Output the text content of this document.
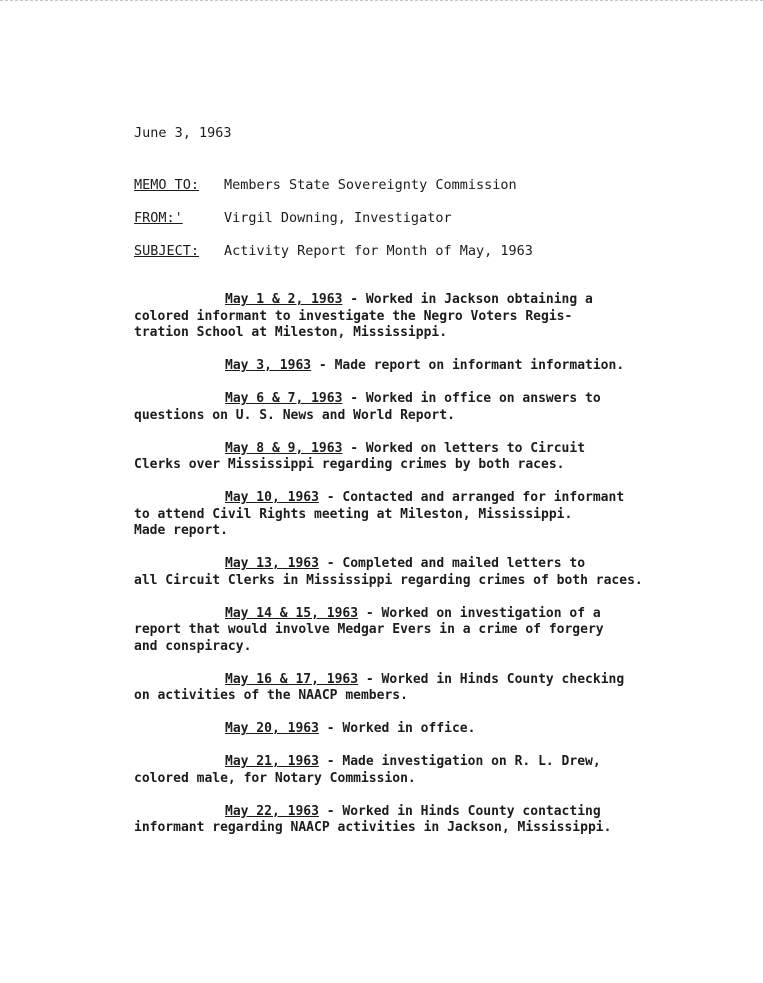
June 3, 1963
MEMO TO: Members State Sovereignty Commission
FROM:'	Virgil Downing, Investigator
SUBJECT: Activity Report for Month of May, 1963
May 1 & 2, 1963 - Worked in Jackson obtaining a
colored informant to investigate the Negro Voters Regis-
tration School at Mileston, Mississippi.
May 3, 1963 - Made report on informant information.
May 6 & 7, 1963 - Worked in office on answers to
questions on U. S. News and World Report.
May 8 & 9, 1963 - Worked on letters to Circuit
Clerks over Mississippi regarding crimes by both races.
May 10, 1963 - Contacted and arranged for informant
to attend Civil Rights meeting at Mileston, Mississippi.
Made report.
May 13, 1963 - Completed and mailed letters to
all Circuit Clerks in Mississippi regarding crimes of both races.
May 14 & 15, 1963 - Worked on investigation of a
report that would involve Medgar Evers in a crime of forgery
and conspiracy.
May 16 & 17, 1963 - Worked in Hinds County checking
on activities of the NAACP members.
May 20, 1963 - Worked in office.
May 21, 1963 - Made investigation on R. L. Drew,
colored male, for Notary Commission.
May 22, 1963 - Worked in Hinds County contacting
informant regarding NAACP activities in Jackson, Mississippi.
